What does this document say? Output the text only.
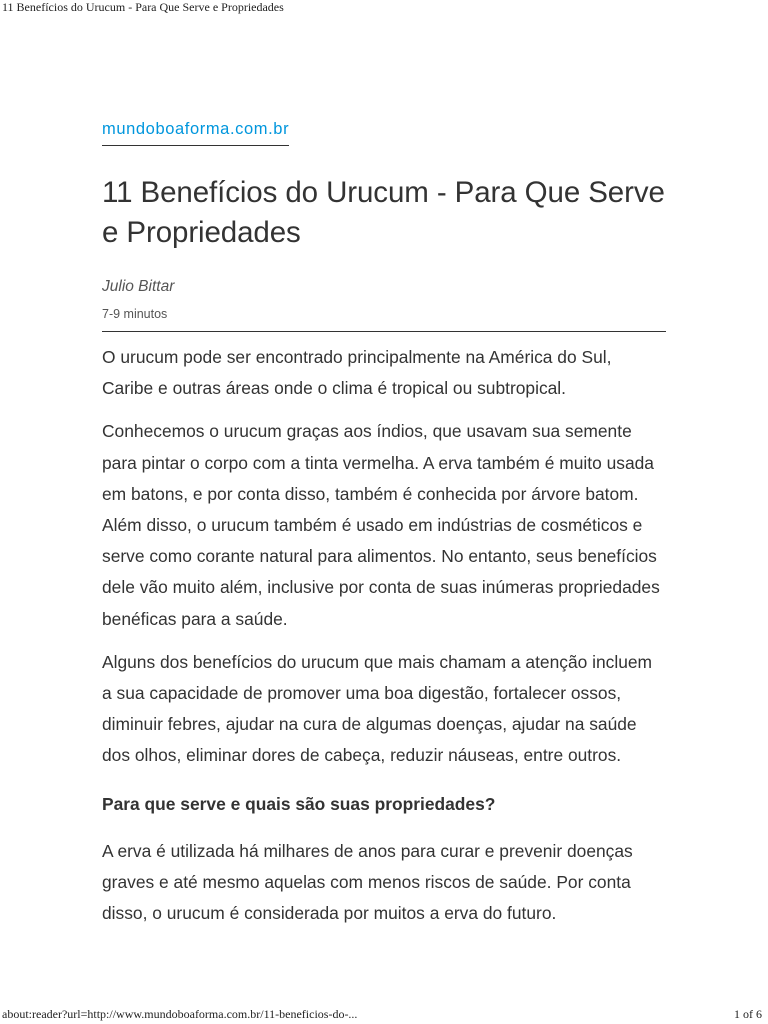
11 Benefícios do Urucum - Para Que Serve e Propriedades
mundoboaforma.com.br
11 Benefícios do Urucum - Para Que Serve e Propriedades
Julio Bittar
7-9 minutos

O urucum pode ser encontrado principalmente na América do Sul, Caribe e outras áreas onde o clima é tropical ou subtropical.

Conhecemos o urucum graças aos índios, que usavam sua semente para pintar o corpo com a tinta vermelha. A erva também é muito usada em batons, e por conta disso, também é conhecida por árvore batom. Além disso, o urucum também é usado em indústrias de cosméticos e serve como corante natural para alimentos. No entanto, seus benefícios dele vão muito além, inclusive por conta de suas inúmeras propriedades benéficas para a saúde.

Alguns dos benefícios do urucum que mais chamam a atenção incluem a sua capacidade de promover uma boa digestão, fortalecer ossos, diminuir febres, ajudar na cura de algumas doenças, ajudar na saúde dos olhos, eliminar dores de cabeça, reduzir náuseas, entre outros.

Para que serve e quais são suas propriedades?

A erva é utilizada há milhares de anos para curar e prevenir doenças graves e até mesmo aquelas com menos riscos de saúde. Por conta disso, o urucum é considerada por muitos a erva do futuro.

about:reader?url=http://www.mundoboaforma.com.br/11-beneficios-do-...	1 of 6
